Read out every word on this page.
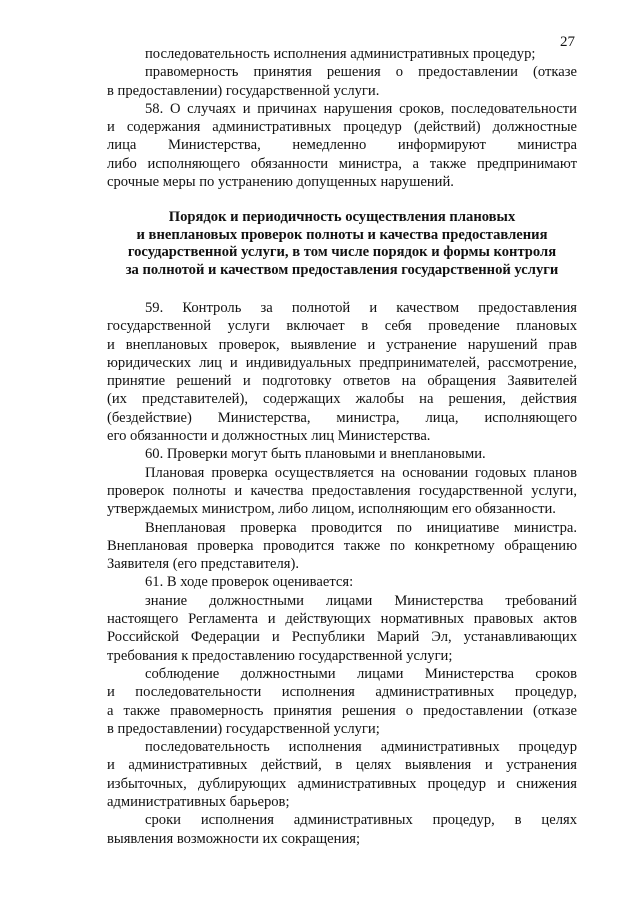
27
последовательность исполнения административных процедур;
правомерность принятия решения о предоставлении (отказе
в предоставлении) государственной услуги.
58. О случаях и причинах нарушения сроков, последовательности
и содержания административных процедур (действий) должностные
лица Министерства, немедленно информируют министра
либо исполняющего обязанности министра, а также предпринимают
срочные меры по устранению допущенных нарушений.
Порядок и периодичность осуществления плановых
и внеплановых проверок полноты и качества предоставления
государственной услуги, в том числе порядок и формы контроля
за полнотой и качеством предоставления государственной услуги
59. Контроль за полнотой и качеством предоставления
государственной услуги включает в себя проведение плановых
и внеплановых проверок, выявление и устранение нарушений прав
юридических лиц и индивидуальных предпринимателей, рассмотрение,
принятие решений и подготовку ответов на обращения Заявителей
(их представителей), содержащих жалобы на решения, действия
(бездействие) Министерства, министра, лица, исполняющего
его обязанности и должностных лиц Министерства.
60. Проверки могут быть плановыми и внеплановыми.
Плановая проверка осуществляется на основании годовых планов
проверок полноты и качества предоставления государственной услуги,
утверждаемых министром, либо лицом, исполняющим его обязанности.
Внеплановая проверка проводится по инициативе министра.
Внеплановая проверка проводится также по конкретному обращению
Заявителя (его представителя).
61. В ходе проверок оценивается:
знание должностными лицами Министерства требований
настоящего Регламента и действующих нормативных правовых актов
Российской Федерации и Республики Марий Эл, устанавливающих
требования к предоставлению государственной услуги;
соблюдение должностными лицами Министерства сроков
и последовательности исполнения административных процедур,
а также правомерность принятия решения о предоставлении (отказе
в предоставлении) государственной услуги;
последовательность исполнения административных процедур
и административных действий, в целях выявления и устранения
избыточных, дублирующих административных процедур и снижения
административных барьеров;
сроки исполнения административных процедур, в целях
выявления возможности их сокращения;
